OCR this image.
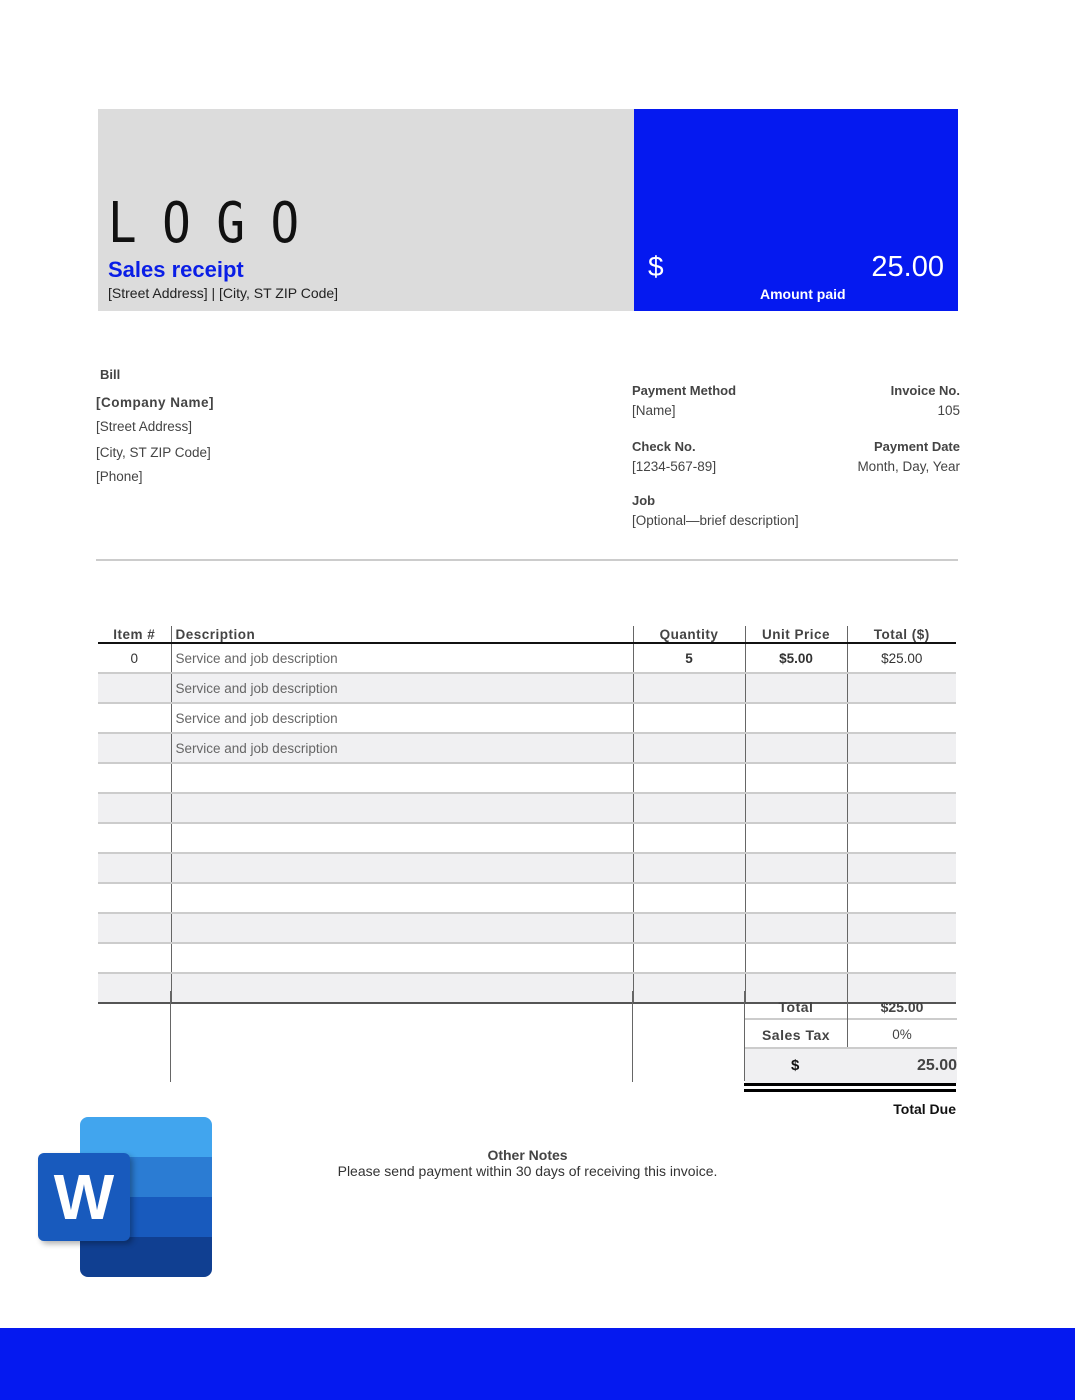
LOGO
Sales receipt
[Street Address] | [City, ST ZIP Code]
$	25.00
Amount paid
Bill
[Company Name]
[Street Address]
[City, ST ZIP Code]
[Phone]
Payment Method
[Name]
Invoice No.
105
Check No.
[1234-567-89]
Payment Date
Month, Day, Year
Job
[Optional—brief description]
Item #	Description	Quantity	Unit Price	Total ($)
0	Service and job description	5	$5.00	$25.00
	Service and job description			
	Service and job description			
	Service and job description			

Total	$25.00
Sales Tax	0%
$	25.00
Total Due
Other Notes
Please send payment within 30 days of receiving this invoice.
W
